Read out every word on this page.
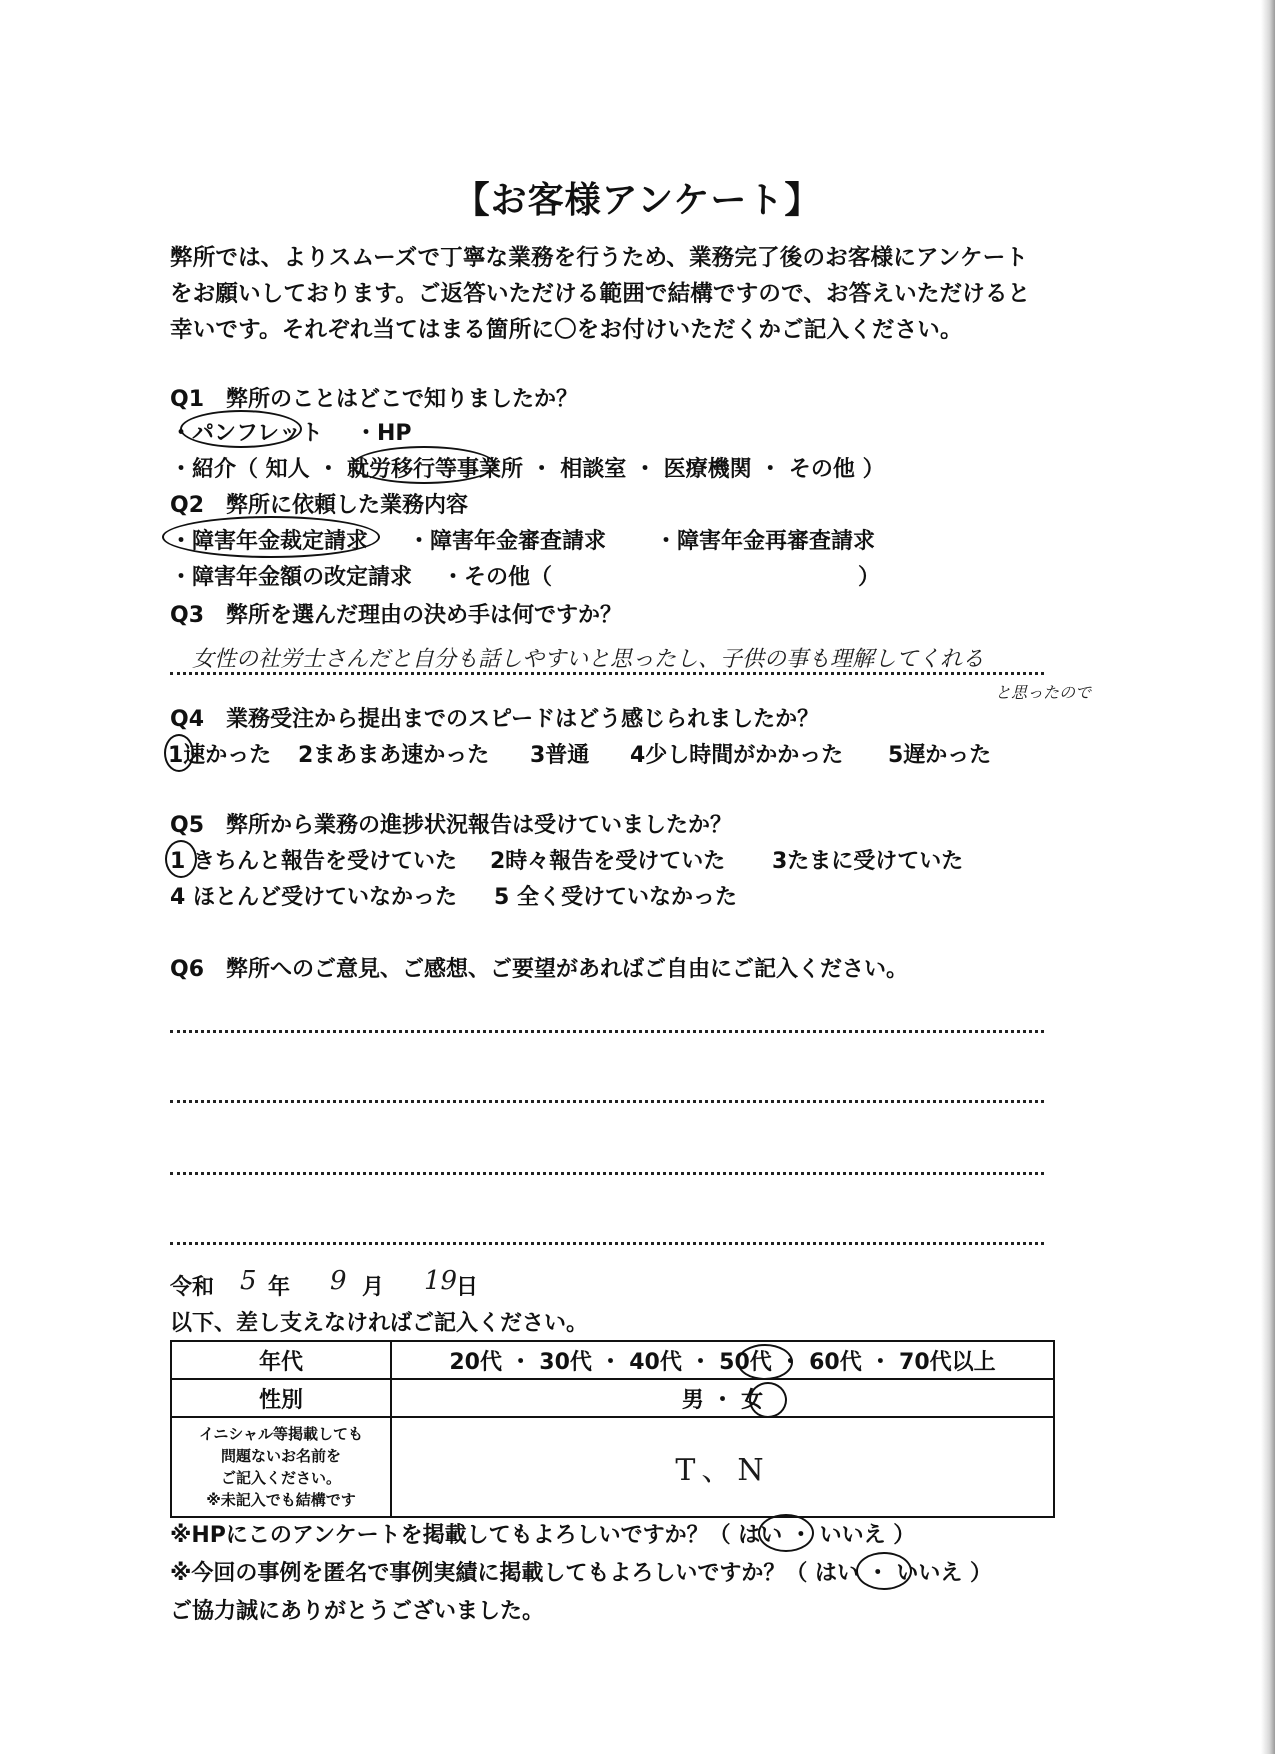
【お客様アンケート】
弊所では、よりスムーズで丁寧な業務を行うため、業務完了後のお客様にアンケート
をお願いしております。ご返答いただける範囲で結構ですので、お答えいただけると
幸いです。それぞれ当てはまる箇所に〇をお付けいただくかご記入ください。
Q1　弊所のことはどこで知りましたか？
・パンフレット ・HP
・紹介（ 知人 ・ 就労移行等事業所 ・ 相談室 ・ 医療機関 ・ その他 ）
Q2　弊所に依頼した業務内容
・障害年金裁定請求 ・障害年金審査請求 ・障害年金再審査請求
・障害年金額の改定請求 ・その他（	）
Q3　弊所を選んだ理由の決め手は何ですか？
女性の社労士さんだと自分も話しやすいと思ったし、子供の事も理解してくれる
と思ったので
Q4　業務受注から提出までのスピードはどう感じられましたか？
1速かった 2まあまあ速かった 3普通 4少し時間がかかった 5遅かった
Q5　弊所から業務の進捗状況報告は受けていましたか？
1 きちんと報告を受けていた 2時々報告を受けていた 3たまに受けていた
4 ほとんど受けていなかった 5 全く受けていなかった
Q6　弊所へのご意見、ご感想、ご要望があればご自由にご記入ください。
令和 5 年 9 月 19
日
以下、差し支えなければご記入ください。
年代	20代 ・ 30代 ・ 40代 ・ 50代 ・ 60代 ・ 70代以上

性別	男 ・ 女

イニシャル等掲載しても
問題ないお名前を
ご記入ください。
※未記入でも結構です	T、N
※HPにこのアンケートを掲載してもよろしいですか？（ はい ・ いいえ ）
※今回の事例を匿名で事例実績に掲載してもよろしいですか？（ はい ・ いいえ ）
ご協力誠にありがとうございました。
